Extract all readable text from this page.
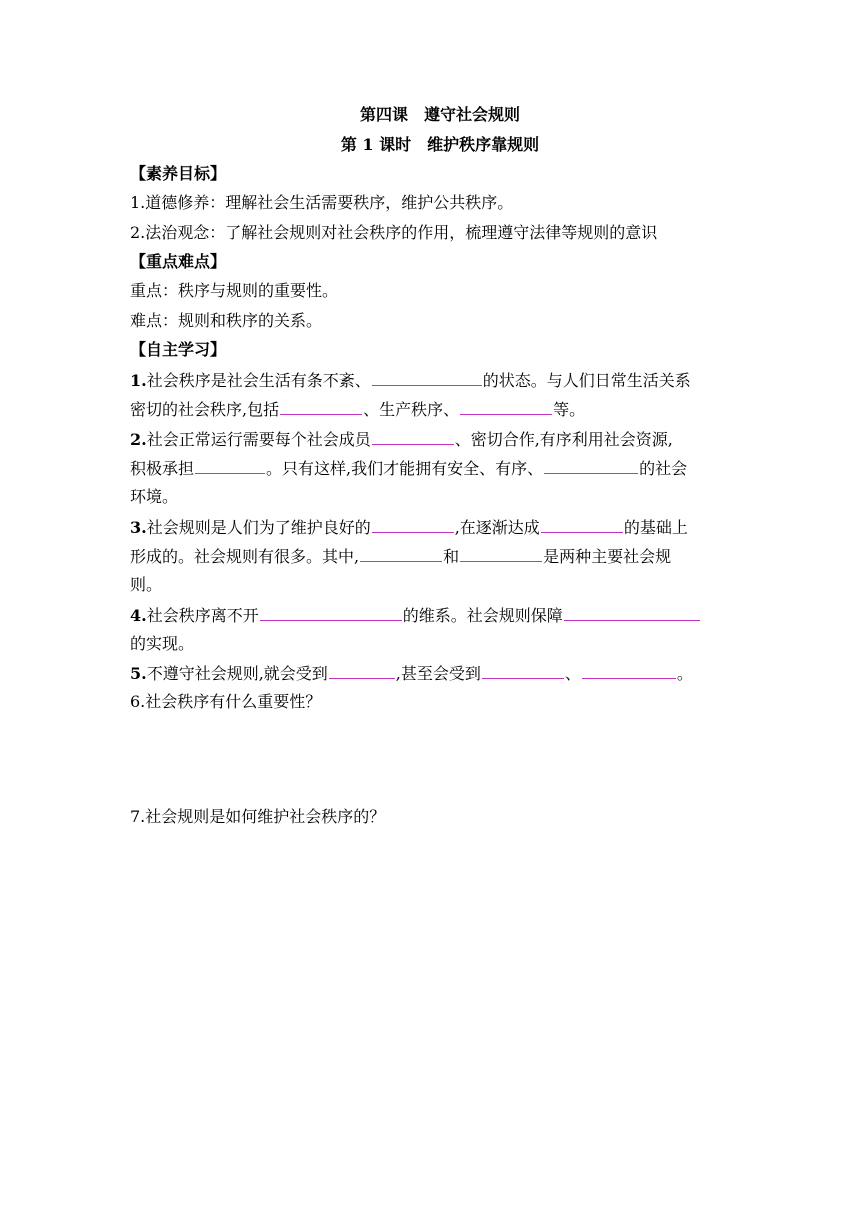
第四课　遵守社会规则
第 1 课时　维护秩序靠规则
【素养目标】
1.道德修养：理解社会生活需要秩序，维护公共秩序。
2.法治观念：了解社会规则对社会秩序的作用，梳理遵守法律等规则的意识
【重点难点】
重点：秩序与规则的重要性。
难点：规则和秩序的关系。
【自主学习】
1.社会秩序是社会生活有条不紊、	的状态。与人们日常生活关系
密切的社会秩序,包括	、生产秩序、	等。
2.社会正常运行需要每个社会成员	、密切合作,有序利用社会资源,
积极承担	。只有这样,我们才能拥有安全、有序、	的社会
环境。
3.社会规则是人们为了维护良好的	,在逐渐达成	的基础上
形成的。社会规则有很多。其中,	和	是两种主要社会规
则。
4.社会秩序离不开	的维系。社会规则保障
的实现。
5.不遵守社会规则,就会受到	,甚至会受到	、	。
6.社会秩序有什么重要性？
7.社会规则是如何维护社会秩序的？
